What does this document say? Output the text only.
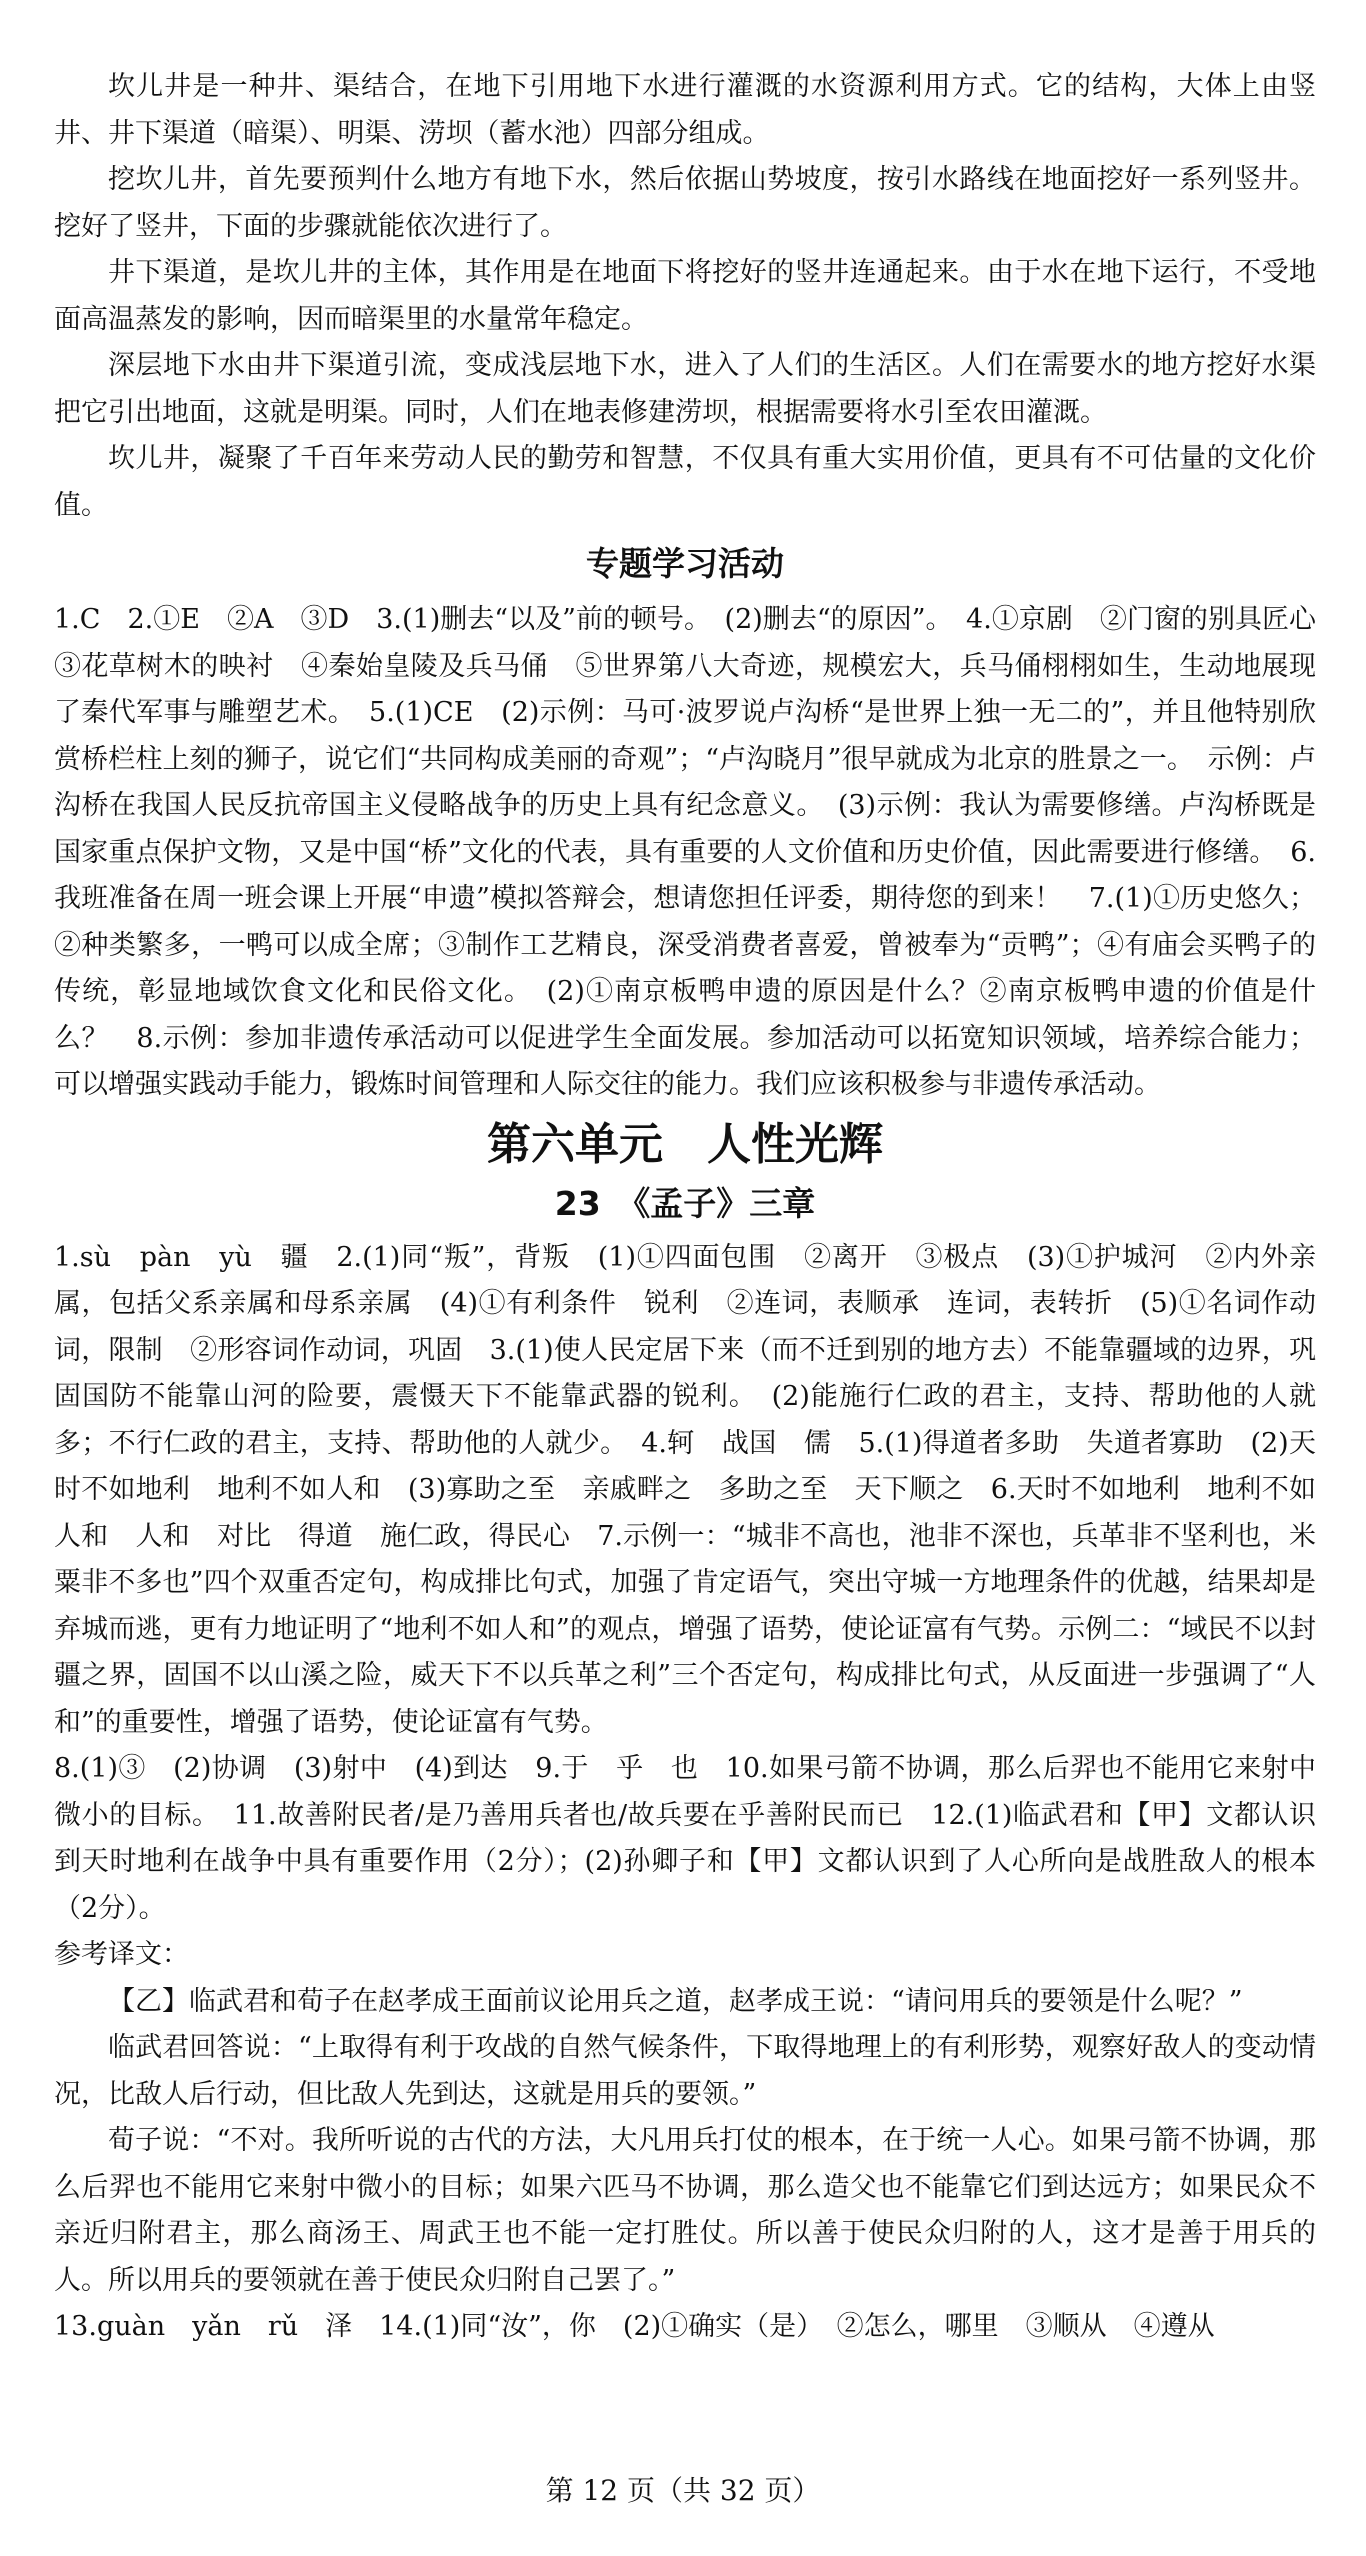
坎儿井是一种井、渠结合，在地下引用地下水进行灌溉的水资源利用方式。它的结构，大体上由竖井、井下渠道（暗渠）、明渠、涝坝（蓄水池）四部分组成。

挖坎儿井，首先要预判什么地方有地下水，然后依据山势坡度，按引水路线在地面挖好一系列竖井。挖好了竖井，下面的步骤就能依次进行了。

井下渠道，是坎儿井的主体，其作用是在地面下将挖好的竖井连通起来。由于水在地下运行，不受地面高温蒸发的影响，因而暗渠里的水量常年稳定。

深层地下水由井下渠道引流，变成浅层地下水，进入了人们的生活区。人们在需要水的地方挖好水渠把它引出地面，这就是明渠。同时，人们在地表修建涝坝，根据需要将水引至农田灌溉。

坎儿井，凝聚了千百年来劳动人民的勤劳和智慧，不仅具有重大实用价值，更具有不可估量的文化价值。

专题学习活动

1.C　2.①E　②A　③D　3.(1)删去“以及”前的顿号。　(2)删去“的原因”。　4.①京剧　②门窗的别具匠心　③花草树木的映衬　④秦始皇陵及兵马俑　⑤世界第八大奇迹，规模宏大，兵马俑栩栩如生，生动地展现了秦代军事与雕塑艺术。　5.(1)CE　(2)示例：马可·波罗说卢沟桥“是世界上独一无二的”，并且他特别欣赏桥栏柱上刻的狮子，说它们“共同构成美丽的奇观”；“卢沟晓月”很早就成为北京的胜景之一。　示例：卢沟桥在我国人民反抗帝国主义侵略战争的历史上具有纪念意义。　(3)示例：我认为需要修缮。卢沟桥既是国家重点保护文物，又是中国“桥”文化的代表，具有重要的人文价值和历史价值，因此需要进行修缮。　6.我班准备在周一班会课上开展“申遗”模拟答辩会，想请您担任评委，期待您的到来！　7.(1)①历史悠久；②种类繁多，一鸭可以成全席；③制作工艺精良，深受消费者喜爱，曾被奉为“贡鸭”；④有庙会买鸭子的传统，彰显地域饮食文化和民俗文化。　(2)①南京板鸭申遗的原因是什么？②南京板鸭申遗的价值是什么？　8.示例：参加非遗传承活动可以促进学生全面发展。参加活动可以拓宽知识领域，培养综合能力；可以增强实践动手能力，锻炼时间管理和人际交往的能力。我们应该积极参与非遗传承活动。

第六单元　人性光辉
23　《孟子》三章

1.sù　pàn　yù　疆　2.(1)同“叛”，背叛　(1)①四面包围　②离开　③极点　(3)①护城河　②内外亲属，包括父系亲属和母系亲属　(4)①有利条件　锐利　②连词，表顺承　连词，表转折　(5)①名词作动词，限制　②形容词作动词，巩固　3.(1)使人民定居下来（而不迁到别的地方去）不能靠疆域的边界，巩固国防不能靠山河的险要，震慑天下不能靠武器的锐利。　(2)能施行仁政的君主，支持、帮助他的人就多；不行仁政的君主，支持、帮助他的人就少。　4.轲　战国　儒　5.(1)得道者多助　失道者寡助　(2)天时不如地利　地利不如人和　(3)寡助之至　亲戚畔之　多助之至　天下顺之　6.天时不如地利　地利不如人和　人和　对比　得道　施仁政，得民心　7.示例一：“城非不高也，池非不深也，兵革非不坚利也，米粟非不多也”四个双重否定句，构成排比句式，加强了肯定语气，突出守城一方地理条件的优越，结果却是弃城而逃，更有力地证明了“地利不如人和”的观点，增强了语势，使论证富有气势。示例二：“域民不以封疆之界，固国不以山溪之险，威天下不以兵革之利”三个否定句，构成排比句式，从反面进一步强调了“人和”的重要性，增强了语势，使论证富有气势。

8.(1)③　(2)协调　(3)射中　(4)到达　9.于　乎　也　10.如果弓箭不协调，那么后羿也不能用它来射中微小的目标。　11.故善附民者/是乃善用兵者也/故兵要在乎善附民而已　12.(1)临武君和【甲】文都认识到天时地利在战争中具有重要作用（2分）；(2)孙卿子和【甲】文都认识到了人心所向是战胜敌人的根本（2分）。

参考译文：

【乙】临武君和荀子在赵孝成王面前议论用兵之道，赵孝成王说：“请问用兵的要领是什么呢？”

临武君回答说：“上取得有利于攻战的自然气候条件，下取得地理上的有利形势，观察好敌人的变动情况，比敌人后行动，但比敌人先到达，这就是用兵的要领。”

荀子说：“不对。我所听说的古代的方法，大凡用兵打仗的根本，在于统一人心。如果弓箭不协调，那么后羿也不能用它来射中微小的目标；如果六匹马不协调，那么造父也不能靠它们到达远方；如果民众不亲近归附君主，那么商汤王、周武王也不能一定打胜仗。所以善于使民众归附的人，这才是善于用兵的人。所以用兵的要领就在善于使民众归附自己罢了。”

13.guàn　yǎn　rǔ　泽　14.(1)同“汝”，你　(2)①确实（是）　②怎么，哪里　③顺从　④遵从

第 12 页（共 32 页）
